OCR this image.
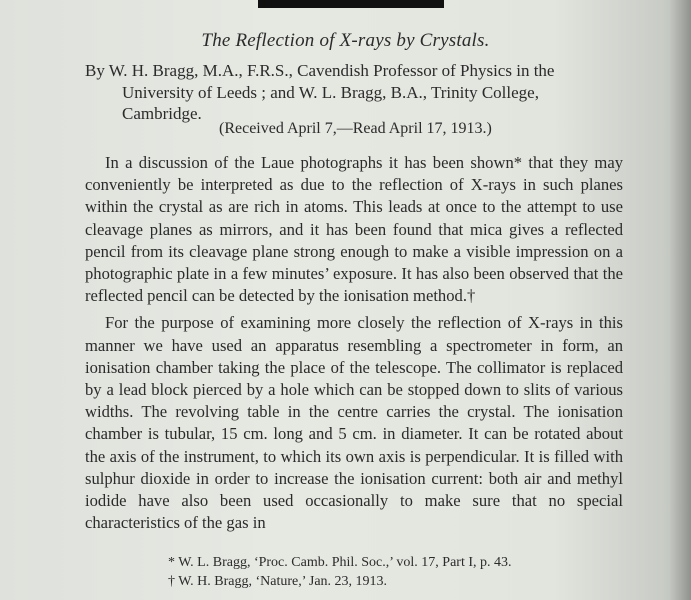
The Reflection of X-rays by Crystals.
By W. H. Bragg, M.A., F.R.S., Cavendish Professor of Physics in the
University of Leeds ; and W. L. Bragg, B.A., Trinity College,
Cambridge.
(Received April 7,—Read April 17, 1913.)

In a discussion of the Laue photographs it has been shown* that they may conveniently be interpreted as due to the reflection of X-rays in such planes within the crystal as are rich in atoms. This leads at once to the attempt to use cleavage planes as mirrors, and it has been found that mica gives a reflected pencil from its cleavage plane strong enough to make a visible impression on a photographic plate in a few minutes’ exposure. It has also been observed that the reflected pencil can be detected by the ionisation method.†

For the purpose of examining more closely the reflection of X-rays in this manner we have used an apparatus resembling a spectrometer in form, an ionisation chamber taking the place of the telescope. The collimator is replaced by a lead block pierced by a hole which can be stopped down to slits of various widths. The revolving table in the centre carries the crystal. The ionisation chamber is tubular, 15 cm. long and 5 cm. in diameter. It can be rotated about the axis of the instrument, to which its own axis is perpendicular. It is filled with sulphur dioxide in order to increase the ionisation current: both air and methyl iodide have also been used occasionally to make sure that no special characteristics of the gas in

* W. L. Bragg, ‘Proc. Camb. Phil. Soc.,’ vol. 17, Part I, p. 43.
† W. H. Bragg, ‘Nature,’ Jan. 23, 1913.
